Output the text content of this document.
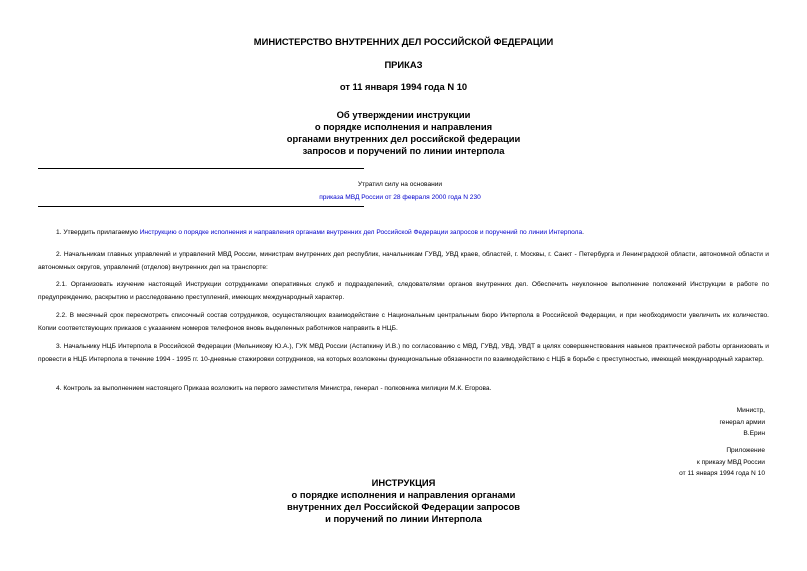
МИНИСТЕРСТВО ВНУТРЕННИХ ДЕЛ РОССИЙСКОЙ ФЕДЕРАЦИИ
ПРИКАЗ
от 11 января 1994 года N 10
Об утверждении инструкции
о порядке исполнения и направления
органами внутренних дел российской федерации
запросов и поручений по линии интерпола
Утратил силу на основании
приказа МВД России от 28 февраля 2000 года N 230
1. Утвердить прилагаемую Инструкцию о порядке исполнения и направления органами внутренних дел Российской Федерации запросов и поручений по линии Интерпола.
2. Начальникам главных управлений и управлений МВД России, министрам внутренних дел республик, начальникам ГУВД, УВД краев, областей, г. Москвы, г. Санкт - Петербурга и Ленинградской области, автономной области и автономных округов, управлений (отделов) внутренних дел на транспорте:
2.1. Организовать изучение настоящей Инструкции сотрудниками оперативных служб и подразделений, следователями органов внутренних дел. Обеспечить неуклонное выполнение положений Инструкции в работе по предупреждению, раскрытию и расследованию преступлений, имеющих международный характер.
2.2. В месячный срок пересмотреть списочный состав сотрудников, осуществляющих взаимодействие с Национальным центральным бюро Интерпола в Российской Федерации, и при необходимости увеличить их количество. Копии соответствующих приказов с указанием номеров телефонов вновь выделенных работников направить в НЦБ.
3. Начальнику НЦБ Интерпола в Российской Федерации (Мельникову Ю.А.), ГУК МВД России (Астапкину И.В.) по согласованию с МВД, ГУВД, УВД, УВДТ в целях совершенствования навыков практической работы организовать и провести в НЦБ Интерпола в течение 1994 - 1995 гг. 10-дневные стажировки сотрудников, на которых возложены функциональные обязанности по взаимодействию с НЦБ в борьбе с преступностью, имеющей международный характер.
4. Контроль за выполнением настоящего Приказа возложить на первого заместителя Министра, генерал - полковника милиции М.К. Егорова.
Министр,
генерал армии
В.Ерин
Приложение
к приказу МВД России
от 11 января 1994 года N 10
ИНСТРУКЦИЯ
о порядке исполнения и направления органами
внутренних дел Российской Федерации запросов
и поручений по линии Интерпола
